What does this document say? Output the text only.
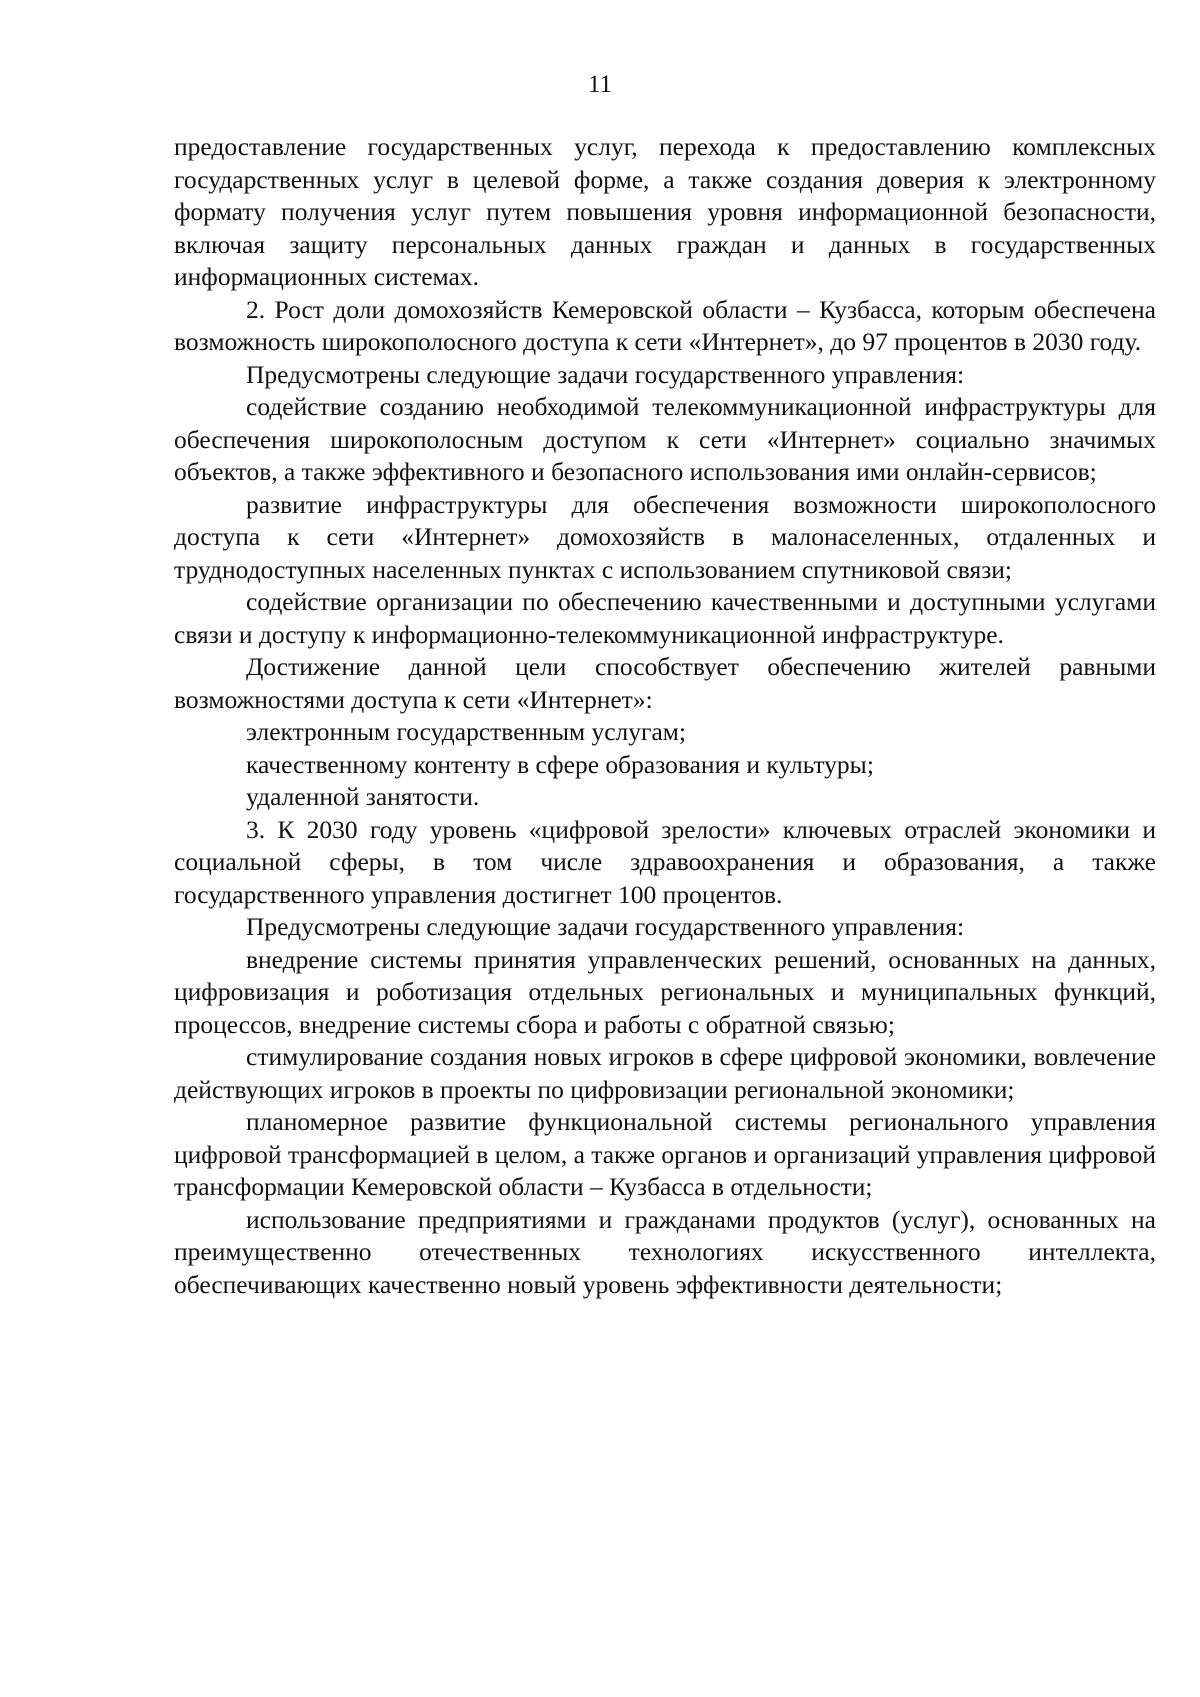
11

предоставление государственных услуг, перехода к предоставлению комплексных государственных услуг в целевой форме, а также создания доверия к электронному формату получения услуг путем повышения уровня информационной безопасности, включая защиту персональных данных граждан и данных в государственных информационных системах.

2. Рост доли домохозяйств Кемеровской области – Кузбасса, которым обеспечена возможность широкополосного доступа к сети «Интернет», до 97 процентов в 2030 году.

Предусмотрены следующие задачи государственного управления:

содействие созданию необходимой телекоммуникационной инфраструктуры для обеспечения широкополосным доступом к сети «Интернет» социально значимых объектов, а также эффективного и безопасного использования ими онлайн-сервисов;

развитие инфраструктуры для обеспечения возможности широкополосного доступа к сети «Интернет» домохозяйств в малонаселенных, отдаленных и труднодоступных населенных пунктах с использованием спутниковой связи;

содействие организации по обеспечению качественными и доступными услугами связи и доступу к информационно-телекоммуникационной инфраструктуре.

Достижение данной цели способствует обеспечению жителей равными возможностями доступа к сети «Интернет»:

электронным государственным услугам;

качественному контенту в сфере образования и культуры;

удаленной занятости.

3. К 2030 году уровень «цифровой зрелости» ключевых отраслей экономики и социальной сферы, в том числе здравоохранения и образования, а также государственного управления достигнет 100 процентов.

Предусмотрены следующие задачи государственного управления:

внедрение системы принятия управленческих решений, основанных на данных, цифровизация и роботизация отдельных региональных и муниципальных функций, процессов, внедрение системы сбора и работы с обратной связью;

стимулирование создания новых игроков в сфере цифровой экономики, вовлечение действующих игроков в проекты по цифровизации региональной экономики;

планомерное развитие функциональной системы регионального управления цифровой трансформацией в целом, а также органов и организаций управления цифровой трансформации Кемеровской области – Кузбасса в отдельности;

использование предприятиями и гражданами продуктов (услуг), основанных на преимущественно отечественных технологиях искусственного интеллекта, обеспечивающих качественно новый уровень эффективности деятельности;
